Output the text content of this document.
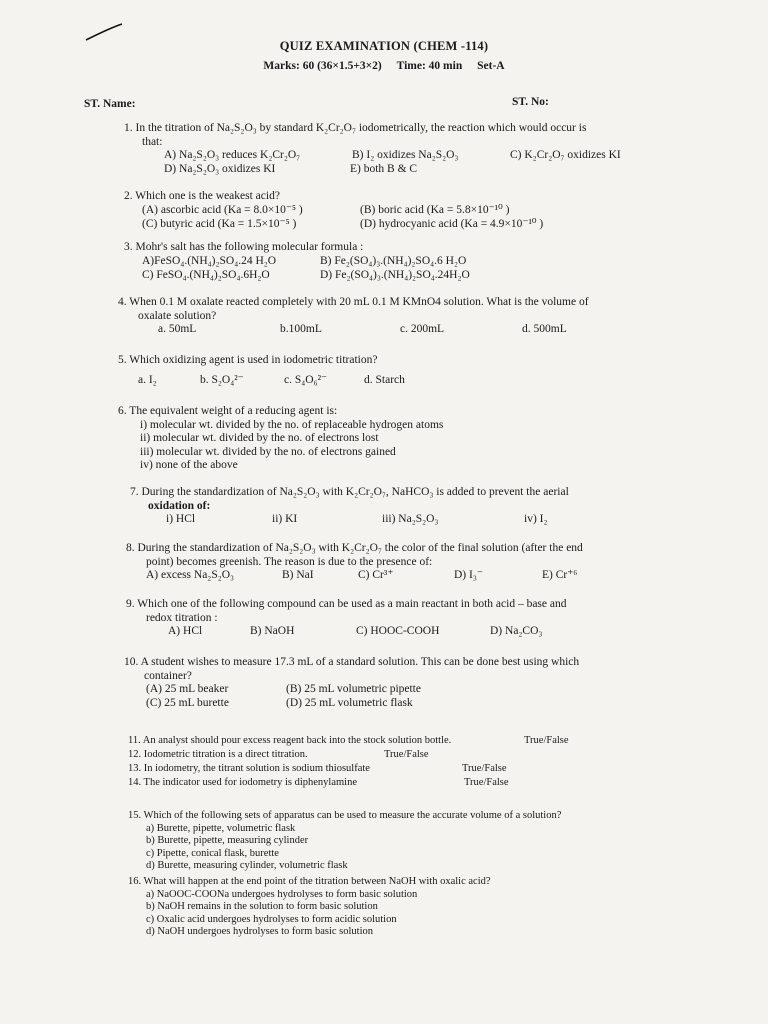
QUIZ EXAMINATION (CHEM -114)
Marks: 60 (36×1.5+3×2) Time: 40 min Set-A
ST. Name:	ST. No:

1. In the titration of Na₂S₂O₃ by standard K₂Cr₂O₇ iodometrically, the reaction which would occur is

that:

A) Na₂S₂O₃ reduces K₂Cr₂O₇	B) I₂ oxidizes Na₂S₂O₃	C) K₂Cr₂O₇ oxidizes KI
D) Na₂S₂O₃ oxidizes KI	E) both B & C

2. Which one is the weakest acid?

(A) ascorbic acid (Ka = 8.0×10⁻⁵ )	(B) boric acid (Ka = 5.8×10⁻¹⁰ )
(C) butyric acid (Ka = 1.5×10⁻⁵ )	(D) hydrocyanic acid (Ka = 4.9×10⁻¹⁰ )

3. Mohr's salt has the following molecular formula :

A)FeSO₄.(NH₄)₂SO₄.24 H₂O	B) Fe₂(SO₄)₃.(NH₄)₂SO₄.6 H₂O
C) FeSO₄.(NH₄)₂SO₄.6H₂O	D) Fe₂(SO₄)₃.(NH₄)₂SO₄.24H₂O

4. When 0.1 M oxalate reacted completely with 20 mL 0.1 M KMnO4 solution. What is the volume of

oxalate solution?

a. 50mL	b.100mL	c. 200mL	d. 500mL

5. Which oxidizing agent is used in iodometric titration?

a. I₂	b. S₂O₄²⁻	c. S₄O₆²⁻	d. Starch

6. The equivalent weight of a reducing agent is:

i) molecular wt. divided by the no. of replaceable hydrogen atoms

ii) molecular wt. divided by the no. of electrons lost

iii) molecular wt. divided by the no. of electrons gained

iv) none of the above

7. During the standardization of Na₂S₂O₃ with K₂Cr₂O₇, NaHCO₃ is added to prevent the aerial

oxidation of:

i) HCl	ii) KI	iii) Na₂S₂O₃	iv) I₂

8. During the standardization of Na₂S₂O₃ with K₂Cr₂O₇ the color of the final solution (after the end

point) becomes greenish. The reason is due to the presence of:

A) excess Na₂S₂O₃	B) NaI	C) Cr³⁺	D) I₃⁻	E) Cr⁺⁶

9. Which one of the following compound can be used as a main reactant in both acid – base and

redox titration :

A) HCl	B) NaOH	C) HOOC-COOH	D) Na₂CO₃

10. A student wishes to measure 17.3 mL of a standard solution. This can be done best using which

container?

(A) 25 mL beaker	(B) 25 mL volumetric pipette
(C) 25 mL burette	(D) 25 mL volumetric flask
11. An analyst should pour excess reagent back into the stock solution bottle.	True/False
12. Iodometric titration is a direct titration.	True/False
13. In iodometry, the titrant solution is sodium thiosulfate	True/False
14. The indicator used for iodometry is diphenylamine	True/False

15. Which of the following sets of apparatus can be used to measure the accurate volume of a solution?

a) Burette, pipette, volumetric flask

b) Burette, pipette, measuring cylinder

c) Pipette, conical flask, burette

d) Burette, measuring cylinder, volumetric flask

16. What will happen at the end point of the titration between NaOH with oxalic acid?

a) NaOOC-COONa undergoes hydrolyses to form basic solution

b) NaOH remains in the solution to form basic solution

c) Oxalic acid undergoes hydrolyses to form acidic solution

d) NaOH undergoes hydrolyses to form basic solution
